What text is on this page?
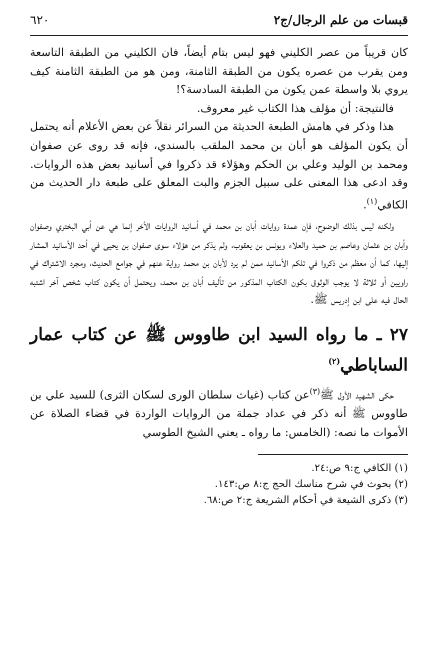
قبسات من علم الرجال/ج٢
٦٢٠

كان قريباً من عصر الكليني فهو ليس بتام أيضاً، فان الكليني من الطبقة التاسعة ومن يقرب من عصره يكون من الطبقة الثامنة، ومن هو من الطبقة الثامنة كيف يروي بلا واسطة عمن يكون من الطبقة السادسة؟!

فالنتيجة: أن مؤلف هذا الكتاب غير معروف.

هذا وذكر في هامش الطبعة الحديثة من السرائر نقلاً عن بعض الأعلام أنه يحتمل أن يكون المؤلف هو أبان بن محمد الملقب بالسندي، فإنه قد روى عن صفوان ومحمد بن الوليد وعلي بن الحكم وهؤلاء قد ذكروا في أسانيد بعض هذه الروايات. وقد ادعى هذا المعنى على سبيل الجزم والبت المعلق على طبعة دار الحديث من الكافي$^{(١)}$.

ولكنه ليس بذلك الوضوح، فإن عمدة روايات أبان بن محمد في أسانيد الروايات الأخر إنما هي عن أبي البختري وصفوان وأبان بن عثمان وعاصم بن حميد والعلاء ويونس بن يعقوب، ولم يذكر من هؤلاء سوى صفوان بن يحيى في أحد الأسانيد المشار إليها، كما أن معظم من ذكروا في تلكم الأسانيد ممن لم يرد لأبان بن محمد رواية عنهم في جوامع الحديث، ومجرد الاشتراك في راويين أو ثلاثة لا يوجب الوثوق بكون الكتاب المذكور من تأليف أبان بن محمد، ويحتمل أن يكون كتاب شخص آخر اشتبه الحال فيه على ابن إدريس ﷺ.

٢٧ ـ ما رواه السيد ابن طاووس ﷺ عن كتاب عمار الساباطي$^{(٢)}$

حكى الشهيد الأول ﷺ$^{(٣)}$عن كتاب (غياث سلطان الورى لسكان الثرى) للسيد علي بن طاووس ﷺ أنه ذكر في عداد جملة من الروايات الواردة في قضاء الصلاة عن الأموات ما نصه: (الخامس: ما رواه ـ يعني الشيخ الطوسي

(١) الكافي ج:٩ ص:٢٤.
(٢) بحوث في شرح مناسك الحج ج:٨ ص:١٤٣.
(٣) ذكرى الشيعة في أحكام الشريعة ج:٢ ص:٦٨.
